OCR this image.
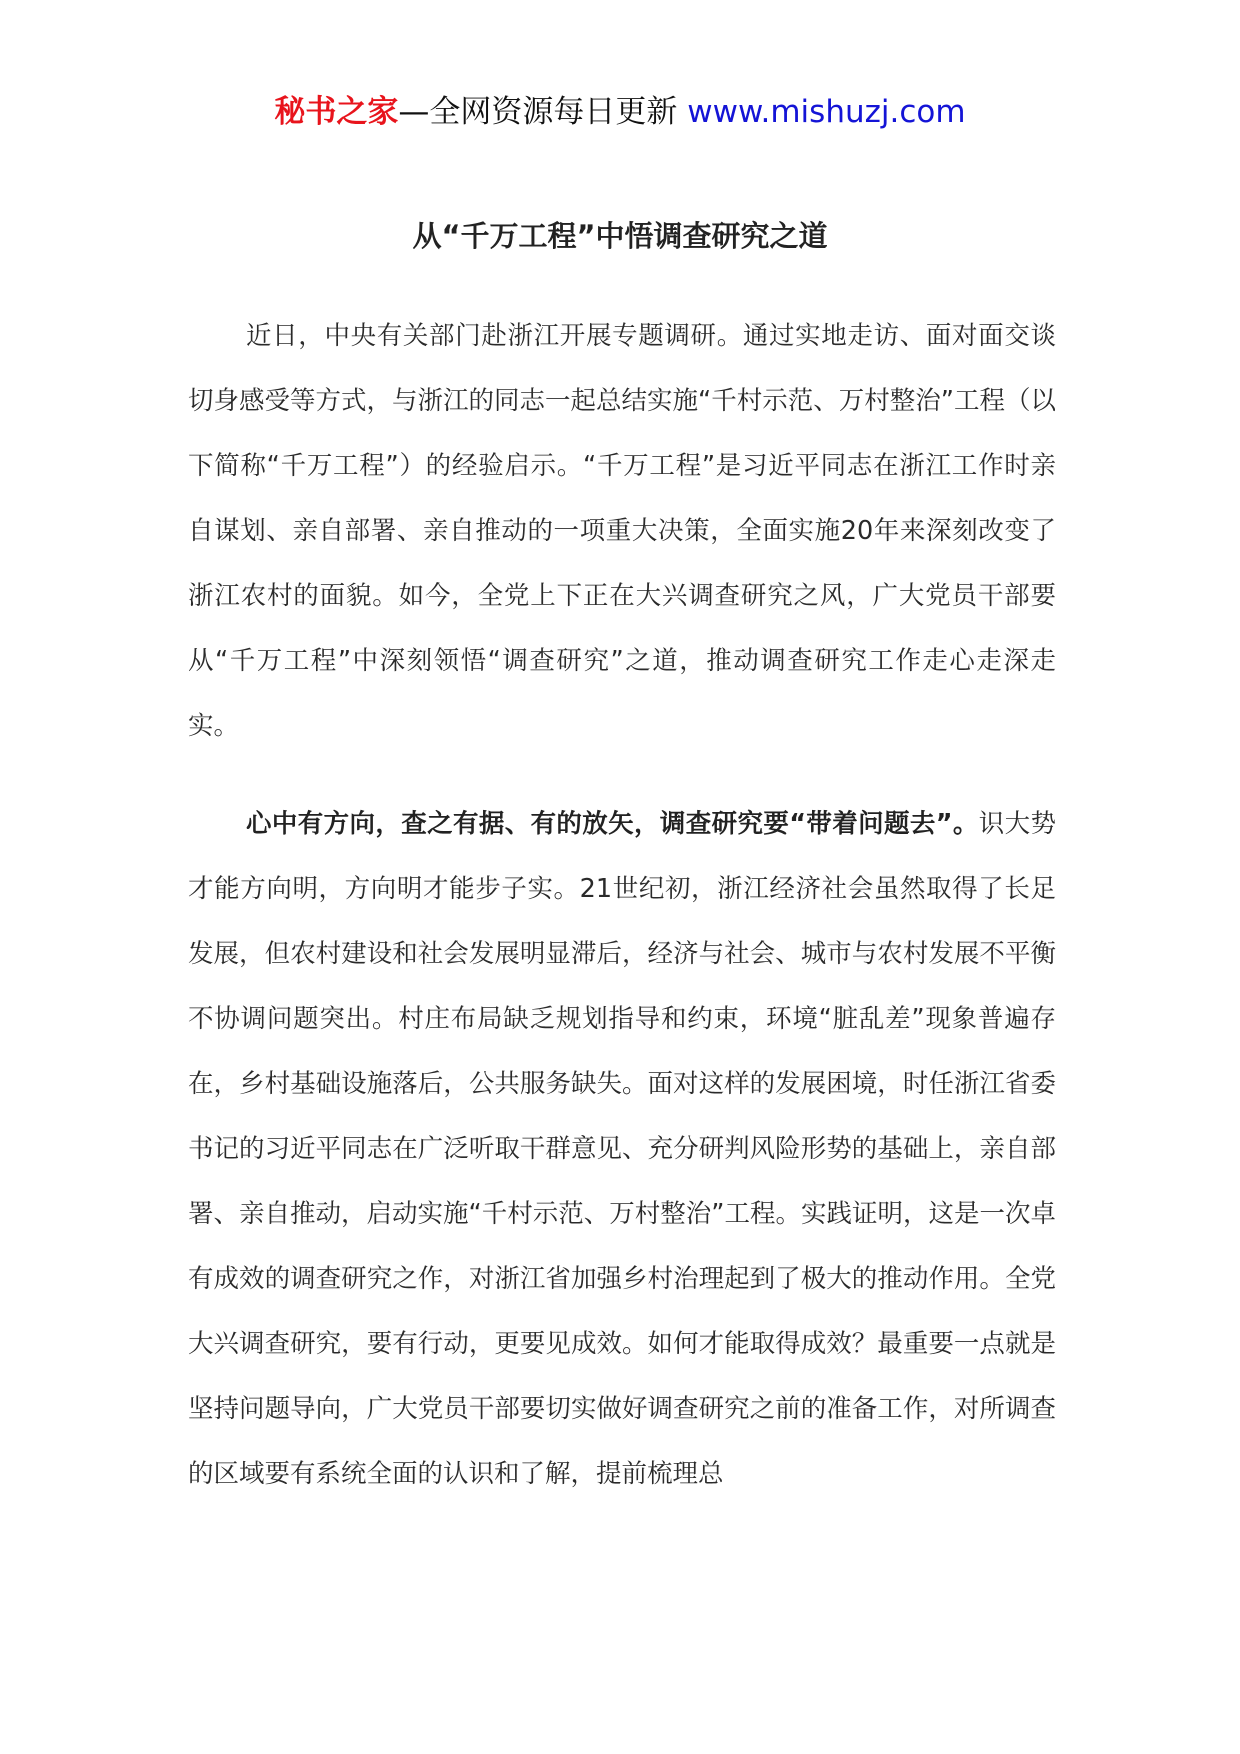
秘书之家—全网资源每日更新 www.mishuzj.com
从“千万工程”中悟调查研究之道

近日，中央有关部门赴浙江开展专题调研。通过实地走访、面对面交谈切身感受等方式，与浙江的同志一起总结实施“千村示范、万村整治”工程（以下简称“千万工程”）的经验启示。“千万工程”是习近平同志在浙江工作时亲自谋划、亲自部署、亲自推动的一项重大决策，全面实施20年来深刻改变了浙江农村的面貌。如今，全党上下正在大兴调查研究之风，广大党员干部要从“千万工程”中深刻领悟“调查研究”之道，推动调查研究工作走心走深走实。

心中有方向，查之有据、有的放矢，调查研究要“带着问题去”。识大势才能方向明，方向明才能步子实。21世纪初，浙江经济社会虽然取得了长足发展，但农村建设和社会发展明显滞后，经济与社会、城市与农村发展不平衡不协调问题突出。村庄布局缺乏规划指导和约束，环境“脏乱差”现象普遍存在，乡村基础设施落后，公共服务缺失。面对这样的发展困境，时任浙江省委书记的习近平同志在广泛听取干群意见、充分研判风险形势的基础上，亲自部署、亲自推动，启动实施“千村示范、万村整治”工程。实践证明，这是一次卓有成效的调查研究之作，对浙江省加强乡村治理起到了极大的推动作用。全党大兴调查研究，要有行动，更要见成效。如何才能取得成效？最重要一点就是坚持问题导向，广大党员干部要切实做好调查研究之前的准备工作，对所调查的区域要有系统全面的认识和了解，提前梳理总
